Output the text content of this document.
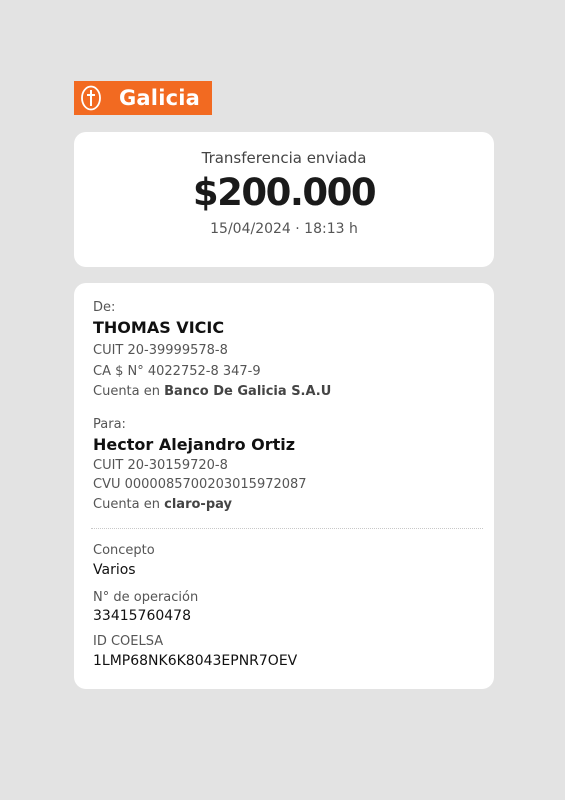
Galicia
Transferencia enviada
$200.000
15/04/2024 · 18:13 h
De:
THOMAS VICIC
CUIT 20-39999578-8
CA $ N° 4022752-8 347-9
Cuenta en Banco De Galicia S.A.U
Para:
Hector Alejandro Ortiz
CUIT 20-30159720-8
CVU 0000085700203015972087
Cuenta en claro-pay
Concepto
Varios
N° de operación
33415760478
ID COELSA
1LMP68NK6K8043EPNR7OEV
